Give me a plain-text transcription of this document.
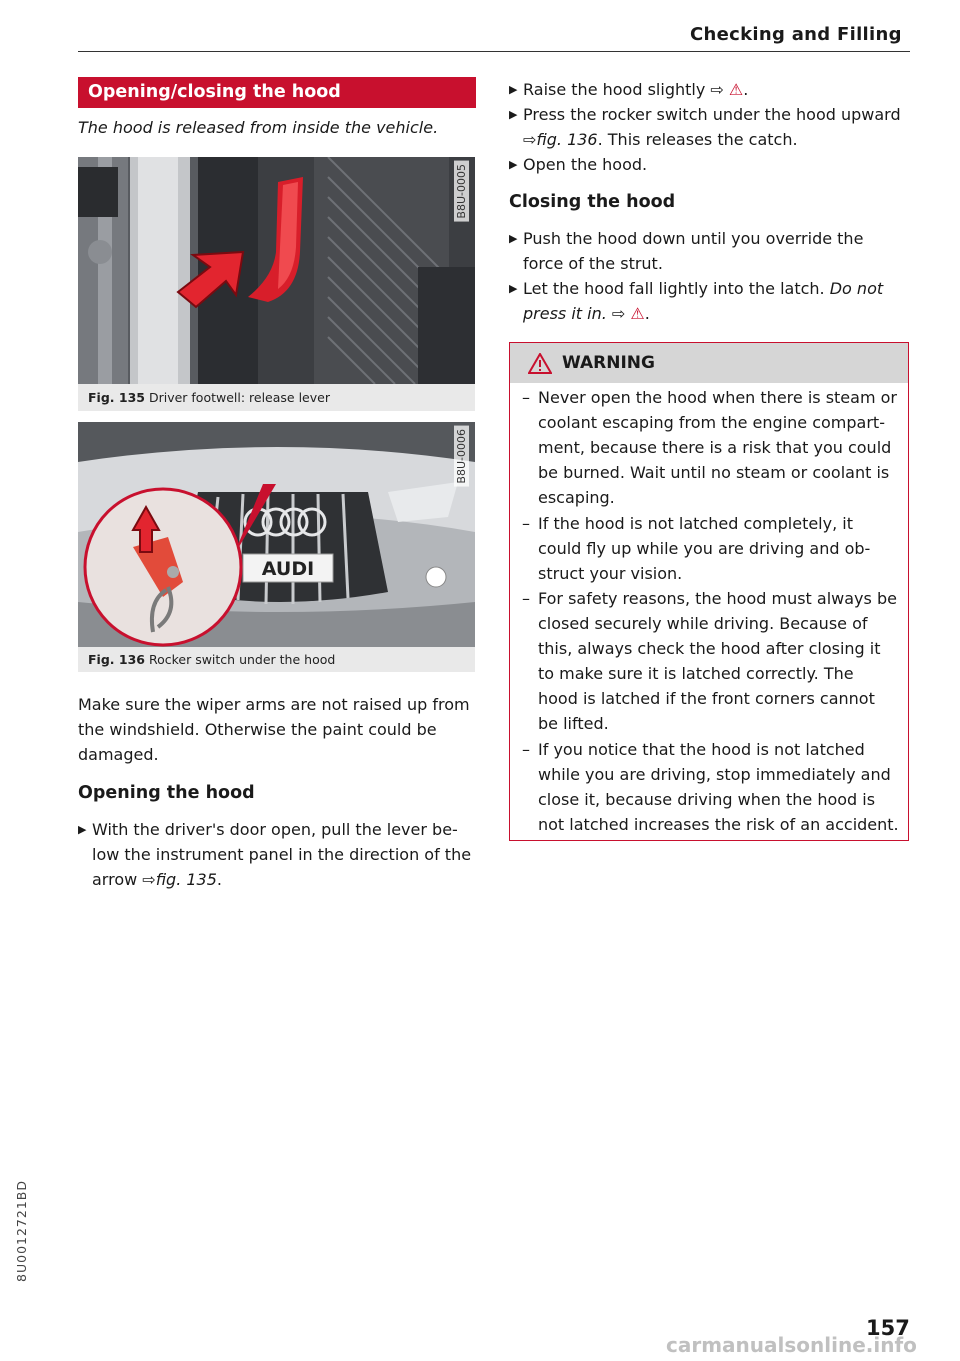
Checking and Filling
Opening/closing the hood
The hood is released from inside the vehicle.
B8U-0005
Fig. 135 Driver footwell: release lever
AUDI
B8U-0006
Fig. 136 Rocker switch under the hood
Make sure the wiper arms are not raised up from the windshield. Otherwise the paint could be damaged.
Opening the hood
▶ With the driver's door open, pull the lever be-
low the instrument panel in the direction of the
arrow ⇨fig. 135.
▶ Raise the hood slightly ⇨ ⚠.
▶ Press the rocker switch under the hood upward
⇨fig. 136. This releases the catch.
▶ Open the hood.
Closing the hood
▶ Push the hood down until you override the
force of the strut.
▶ Let the hood fall lightly into the latch. Do not
press it in. ⇨ ⚠.
WARNING
– Never open the hood when there is steam or
coolant escaping from the engine compart-
ment, because there is a risk that you could
be burned. Wait until no steam or coolant is
escaping.
– If the hood is not latched completely, it
could fly up while you are driving and ob-
struct your vision.
– For safety reasons, the hood must always be
closed securely while driving. Because of
this, always check the hood after closing it
to make sure it is latched correctly. The
hood is latched if the front corners cannot
be lifted.
– If you notice that the hood is not latched
while you are driving, stop immediately and
close it, because driving when the hood is
not latched increases the risk of an accident.
8U0012721BD
157
carmanualsonline.info
